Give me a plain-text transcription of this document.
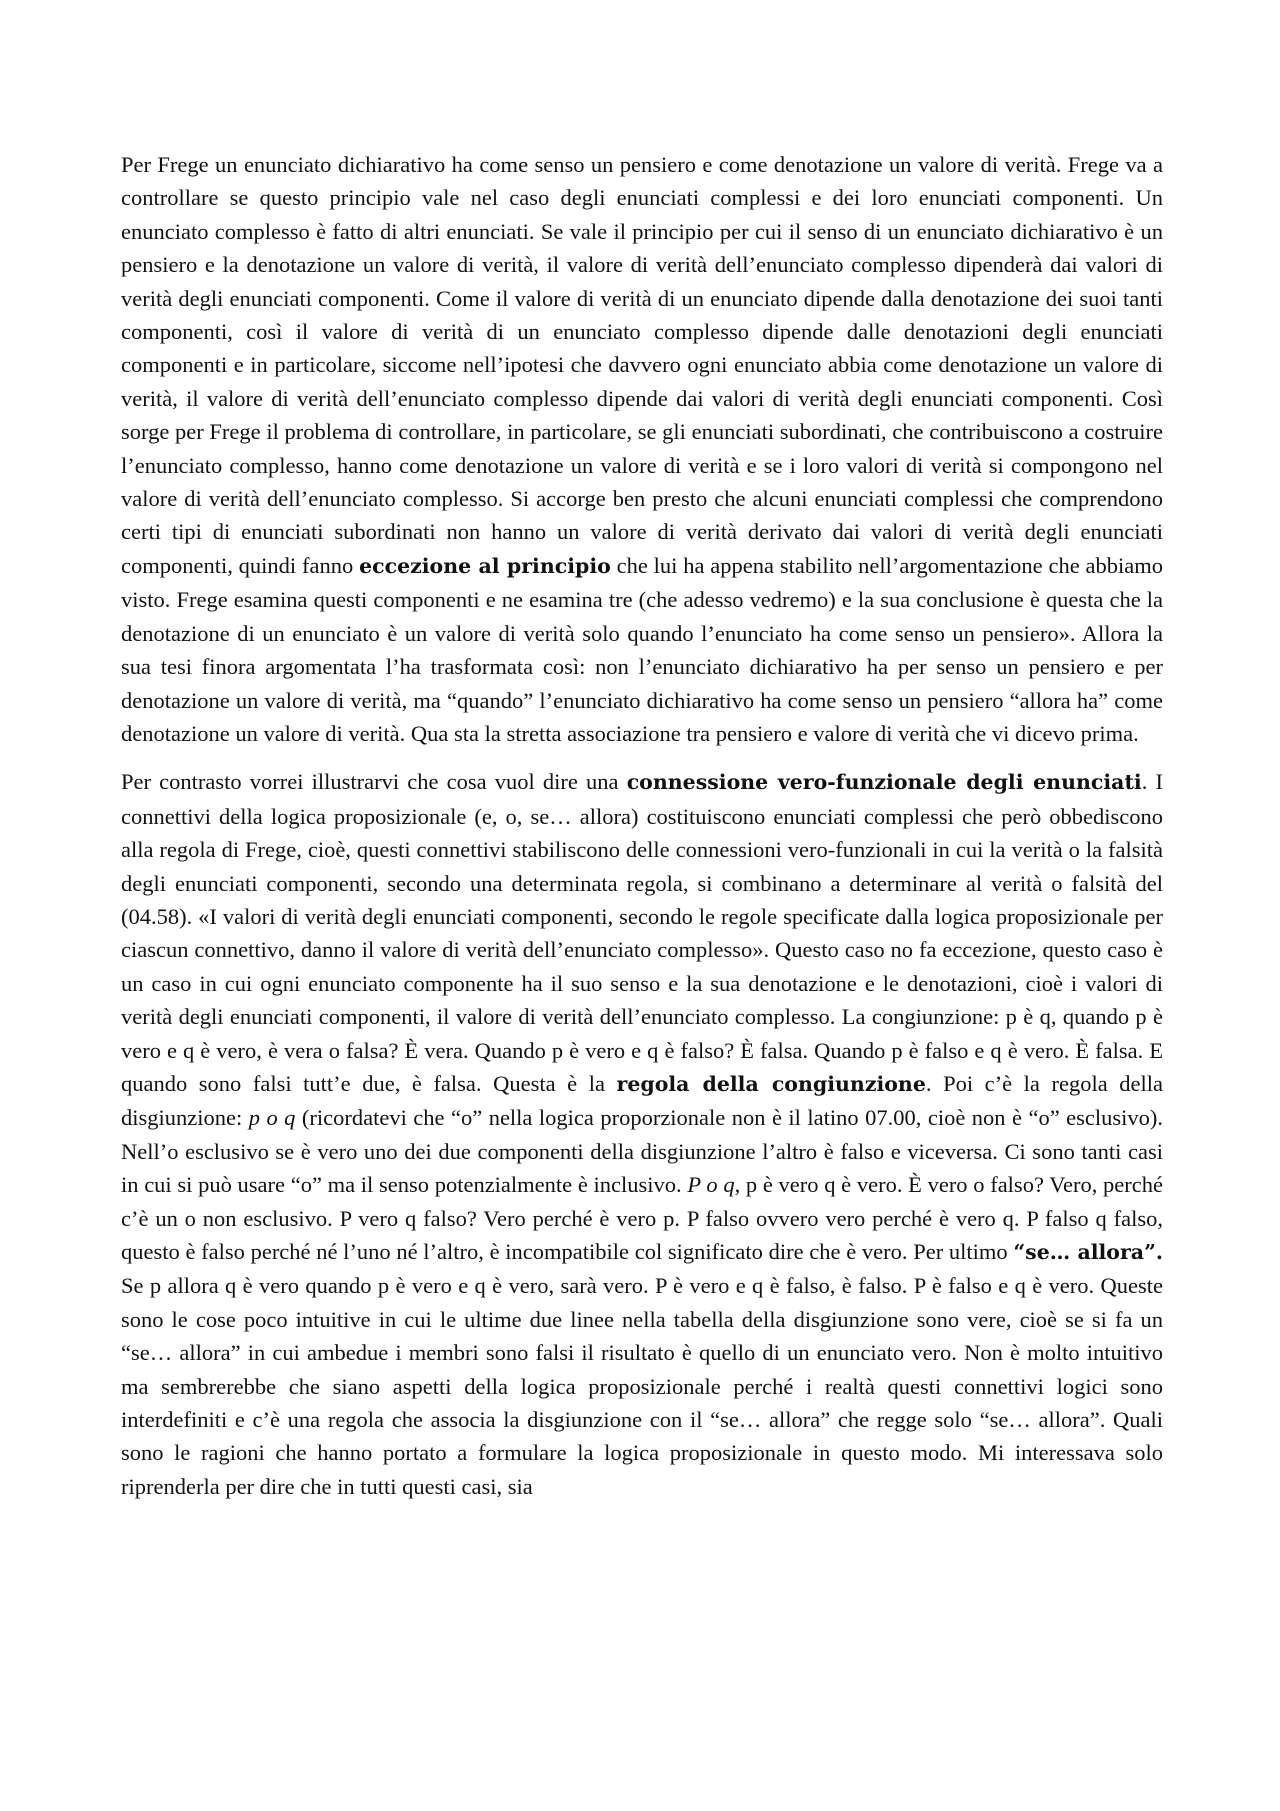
Per Frege un enunciato dichiarativo ha come senso un pensiero e come denotazione un valore di verità. Frege va a controllare se questo principio vale nel caso degli enunciati complessi e dei loro enunciati componenti. Un enunciato complesso è fatto di altri enunciati. Se vale il principio per cui il senso di un enunciato dichiarativo è un pensiero e la denotazione un valore di verità, il valore di verità dell’enunciato complesso dipenderà dai valori di verità degli enunciati componenti. Come il valore di verità di un enunciato dipende dalla denotazione dei suoi tanti componenti, così il valore di verità di un enunciato complesso dipende dalle denotazioni degli enunciati componenti e in particolare, siccome nell’ipotesi che davvero ogni enunciato abbia come denotazione un valore di verità, il valore di verità dell’enunciato complesso dipende dai valori di verità degli enunciati componenti. Così sorge per Frege il problema di controllare, in particolare, se gli enunciati subordinati, che contribuiscono a costruire l’enunciato complesso, hanno come denotazione un valore di verità e se i loro valori di verità si compongono nel valore di verità dell’enunciato complesso. Si accorge ben presto che alcuni enunciati complessi che comprendono certi tipi di enunciati subordinati non hanno un valore di verità derivato dai valori di verità degli enunciati componenti, quindi fanno eccezione al principio che lui ha appena stabilito nell’argomentazione che abbiamo visto. Frege esamina questi componenti e ne esamina tre (che adesso vedremo) e la sua conclusione è questa che la denotazione di un enunciato è un valore di verità solo quando l’enunciato ha come senso un pensiero». Allora la sua tesi finora argomentata l’ha trasformata così: non l’enunciato dichiarativo ha per senso un pensiero e per denotazione un valore di verità, ma “quando” l’enunciato dichiarativo ha come senso un pensiero “allora ha” come denotazione un valore di verità. Qua sta la stretta associazione tra pensiero e valore di verità che vi dicevo prima.

Per contrasto vorrei illustrarvi che cosa vuol dire una connessione vero-funzionale degli enunciati. I connettivi della logica proposizionale (e, o, se… allora) costituiscono enunciati complessi che però obbediscono alla regola di Frege, cioè, questi connettivi stabiliscono delle connessioni vero-funzionali in cui la verità o la falsità degli enunciati componenti, secondo una determinata regola, si combinano a determinare al verità o falsità del (04.58). «I valori di verità degli enunciati componenti, secondo le regole specificate dalla logica proposizionale per ciascun connettivo, danno il valore di verità dell’enunciato complesso». Questo caso no fa eccezione, questo caso è un caso in cui ogni enunciato componente ha il suo senso e la sua denotazione e le denotazioni, cioè i valori di verità degli enunciati componenti, il valore di verità dell’enunciato complesso. La congiunzione: p è q, quando p è vero e q è vero, è vera o falsa? È vera. Quando p è vero e q è falso? È falsa. Quando p è falso e q è vero. È falsa. E quando sono falsi tutt’e due, è falsa. Questa è la regola della congiunzione. Poi c’è la regola della disgiunzione: p o q (ricordatevi che “o” nella logica proporzionale non è il latino 07.00, cioè non è “o” esclusivo). Nell’o esclusivo se è vero uno dei due componenti della disgiunzione l’altro è falso e viceversa. Ci sono tanti casi in cui si può usare “o” ma il senso potenzialmente è inclusivo. P o q, p è vero q è vero. È vero o falso? Vero, perché c’è un o non esclusivo. P vero q falso? Vero perché è vero p. P falso ovvero vero perché è vero q. P falso q falso, questo è falso perché né l’uno né l’altro, è incompatibile col significato dire che è vero. Per ultimo “se… allora”. Se p allora q è vero quando p è vero e q è vero, sarà vero. P è vero e q è falso, è falso. P è falso e q è vero. Queste sono le cose poco intuitive in cui le ultime due linee nella tabella della disgiunzione sono vere, cioè se si fa un “se… allora” in cui ambedue i membri sono falsi il risultato è quello di un enunciato vero. Non è molto intuitivo ma sembrerebbe che siano aspetti della logica proposizionale perché i realtà questi connettivi logici sono interdefiniti e c’è una regola che associa la disgiunzione con il “se… allora” che regge solo “se… allora”. Quali sono le ragioni che hanno portato a formulare la logica proposizionale in questo modo. Mi interessava solo riprenderla per dire che in tutti questi casi, sia
